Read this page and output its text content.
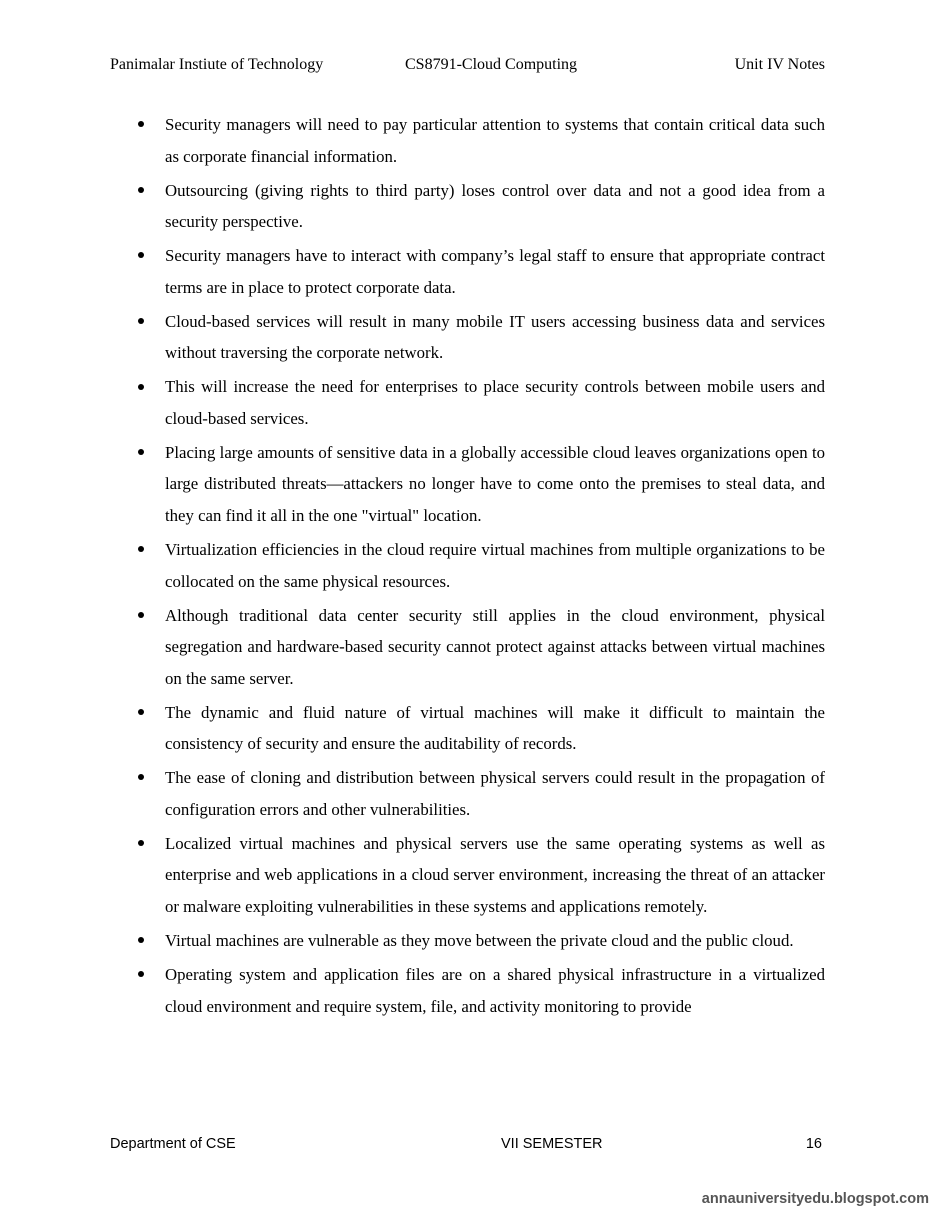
Panimalar Instiute of Technology	CS8791-Cloud Computing	Unit IV Notes
Security managers will need to pay particular attention to systems that contain critical data such as corporate financial information.
Outsourcing (giving rights to third party) loses control over data and not a good idea from a security perspective.
Security managers have to interact with company’s legal staff to ensure that appropriate contract terms are in place to protect corporate data.
Cloud-based services will result in many mobile IT users accessing business data and services without traversing the corporate network.
This will increase the need for enterprises to place security controls between mobile users and cloud-based services.
Placing large amounts of sensitive data in a globally accessible cloud leaves organizations open to large distributed threats—attackers no longer have to come onto the premises to steal data, and they can find it all in the one "virtual" location.
Virtualization efficiencies in the cloud require virtual machines from multiple organizations to be collocated on the same physical resources.
Although traditional data center security still applies in the cloud environment, physical segregation and hardware-based security cannot protect against attacks between virtual machines on the same server.
The dynamic and fluid nature of virtual machines will make it difficult to maintain the consistency of security and ensure the auditability of records.
The ease of cloning and distribution between physical servers could result in the propagation of configuration errors and other vulnerabilities.
Localized virtual machines and physical servers use the same operating systems as well as enterprise and web applications in a cloud server environment, increasing the threat of an attacker or malware exploiting vulnerabilities in these systems and applications remotely.
Virtual machines are vulnerable as they move between the private cloud and the public cloud.
Operating system and application files are on a shared physical infrastructure in a virtualized cloud environment and require system, file, and activity monitoring to provide
Department of CSE	VII SEMESTER	16
annauniversityedu.blogspot.com
